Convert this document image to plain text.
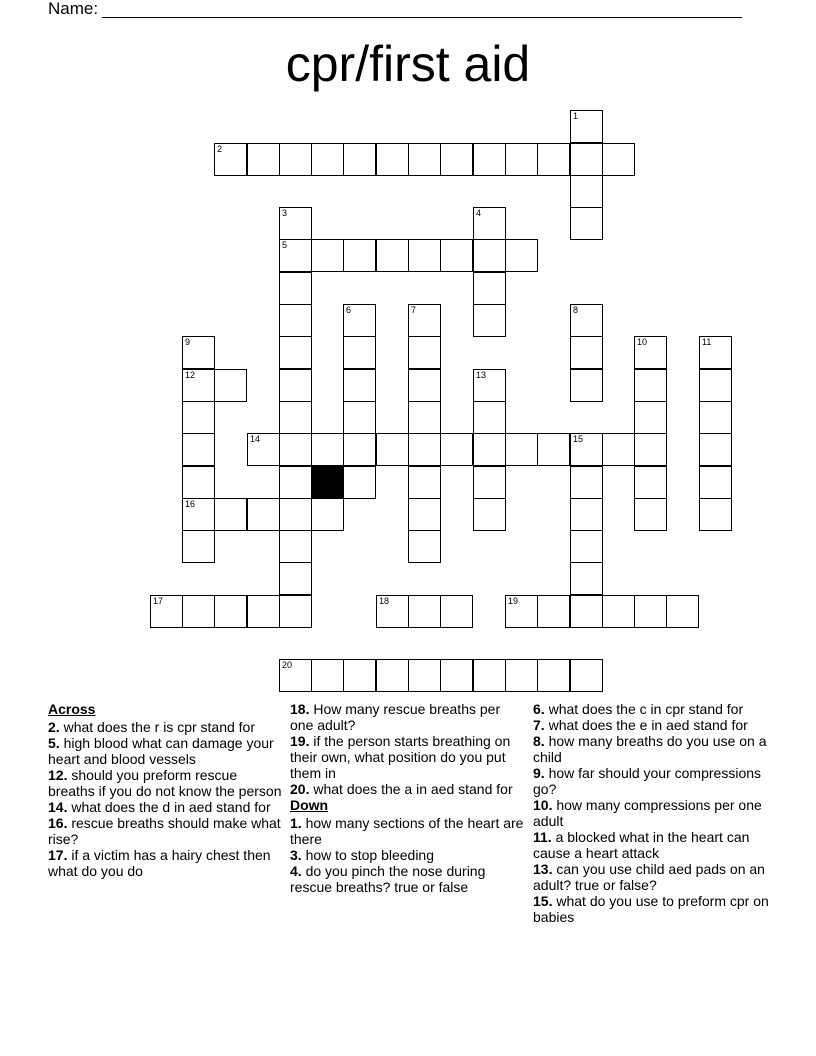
Name:
cpr/first aid
1
2
3	4
5
6	7	8
9	10	11
12	13
14	15
16
17	18	19
20
Across
2. what does the r is cpr stand for
5. high blood what can damage your heart and blood vessels
12. should you preform rescue breaths if you do not know the person
14. what does the d in aed stand for
16. rescue breaths should make what rise?
17. if a victim has a hairy chest then what do you do
18. How many rescue breaths per one adult?
19. if the person starts breathing on their own, what position do you put them in
20. what does the a in aed stand for
Down
1. how many sections of the heart are there
3. how to stop bleeding
4. do you pinch the nose during rescue breaths? true or false
6. what does the c in cpr stand for
7. what does the e in aed stand for
8. how many breaths do you use on a child
9. how far should your compressions go?
10. how many compressions per one adult
11. a blocked what in the heart can cause a heart attack
13. can you use child aed pads on an adult? true or false?
15. what do you use to preform cpr on babies
